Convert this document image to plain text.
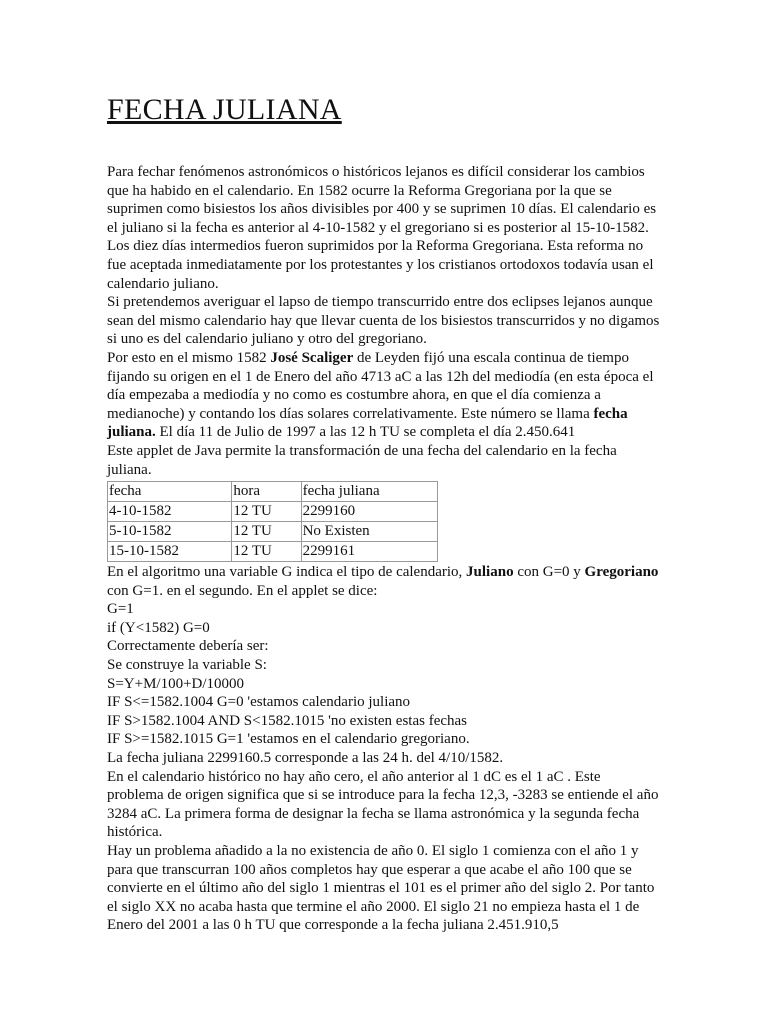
FECHA JULIANA

Para fechar fenómenos astronómicos o históricos lejanos es difícil considerar los cambios

que ha habido en el calendario. En 1582 ocurre la Reforma Gregoriana por la que se

suprimen como bisiestos los años divisibles por 400 y se suprimen 10 días. El calendario es

el juliano si la fecha es anterior al 4-10-1582 y el gregoriano si es posterior al 15-10-1582.

Los diez días intermedios fueron suprimidos por la Reforma Gregoriana. Esta reforma no

fue aceptada inmediatamente por los protestantes y los cristianos ortodoxos todavía usan el

calendario juliano.

Si pretendemos averiguar el lapso de tiempo transcurrido entre dos eclipses lejanos aunque

sean del mismo calendario hay que llevar cuenta de los bisiestos transcurridos y no digamos

si uno es del calendario juliano y otro del gregoriano.

Por esto en el mismo 1582 José Scaliger de Leyden fijó una escala continua de tiempo

fijando su origen en el 1 de Enero del año 4713 aC a las 12h del mediodía (en esta época el

día empezaba a mediodía y no como es costumbre ahora, en que el día comienza a

medianoche) y contando los días solares correlativamente. Este número se llama fecha

juliana. El día 11 de Julio de 1997 a las 12 h TU se completa el día 2.450.641

Este applet de Java permite la transformación de una fecha del calendario en la fecha

juliana.

fecha	hora	fecha juliana
4-10-1582	12 TU	2299160
5-10-1582	12 TU	No Existen
15-10-1582	12 TU	2299161

En el algoritmo una variable G indica el tipo de calendario, Juliano con G=0 y Gregoriano

con G=1. en el segundo. En el applet se dice:

G=1

if (Y<1582) G=0

Correctamente debería ser:

Se construye la variable S:

S=Y+M/100+D/10000

IF S<=1582.1004 G=0 'estamos calendario juliano

IF S>1582.1004 AND S<1582.1015 'no existen estas fechas

IF S>=1582.1015 G=1 'estamos en el calendario gregoriano.

La fecha juliana 2299160.5 corresponde a las 24 h. del 4/10/1582.

En el calendario histórico no hay año cero, el año anterior al 1 dC es el 1 aC . Este

problema de origen significa que si se introduce para la fecha 12,3, -3283 se entiende el año

3284 aC. La primera forma de designar la fecha se llama astronómica y la segunda fecha

histórica.

Hay un problema añadido a la no existencia de año 0. El siglo 1 comienza con el año 1 y

para que transcurran 100 años completos hay que esperar a que acabe el año 100 que se

convierte en el último año del siglo 1 mientras el 101 es el primer año del siglo 2. Por tanto

el siglo XX no acaba hasta que termine el año 2000. El siglo 21 no empieza hasta el 1 de

Enero del 2001 a las 0 h TU que corresponde a la fecha juliana 2.451.910,5
